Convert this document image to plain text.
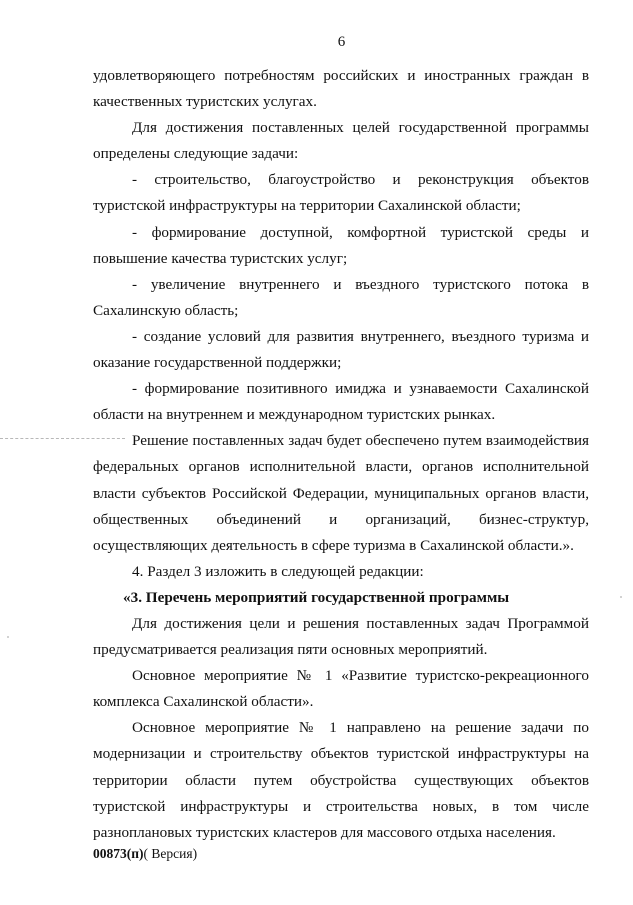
6

удовлетворяющего потребностям российских и иностранных граждан в качественных туристских услугах.

Для достижения поставленных целей государственной программы определены следующие задачи:

- строительство, благоустройство и реконструкция объектов туристской инфраструктуры на территории Сахалинской области;

- формирование доступной, комфортной туристской среды и повышение качества туристских услуг;

- увеличение внутреннего и въездного туристского потока в Сахалинскую область;

- создание условий для развития внутреннего, въездного туризма и оказание государственной поддержки;

- формирование позитивного имиджа и узнаваемости Сахалинской области на внутреннем и международном туристских рынках.

Решение поставленных задач будет обеспечено путем взаимодействия федеральных органов исполнительной власти, органов исполнительной власти субъектов Российской Федерации, муниципальных органов власти, общественных объединений и организаций, бизнес-структур, осуществляющих деятельность в сфере туризма в Сахалинской области.».

4. Раздел 3 изложить в следующей редакции:

«3. Перечень мероприятий государственной программы

Для достижения цели и решения поставленных задач Программой предусматривается реализация пяти основных мероприятий.

Основное мероприятие № 1 «Развитие туристско-рекреационного комплекса Сахалинской области».

Основное мероприятие № 1 направлено на решение задачи по модернизации и строительству объектов туристской инфраструктуры на территории области путем обустройства существующих объектов туристской инфраструктуры и строительства новых, в том числе разноплановых туристских кластеров для массового отдыха населения.

00873(п)( Версия)
